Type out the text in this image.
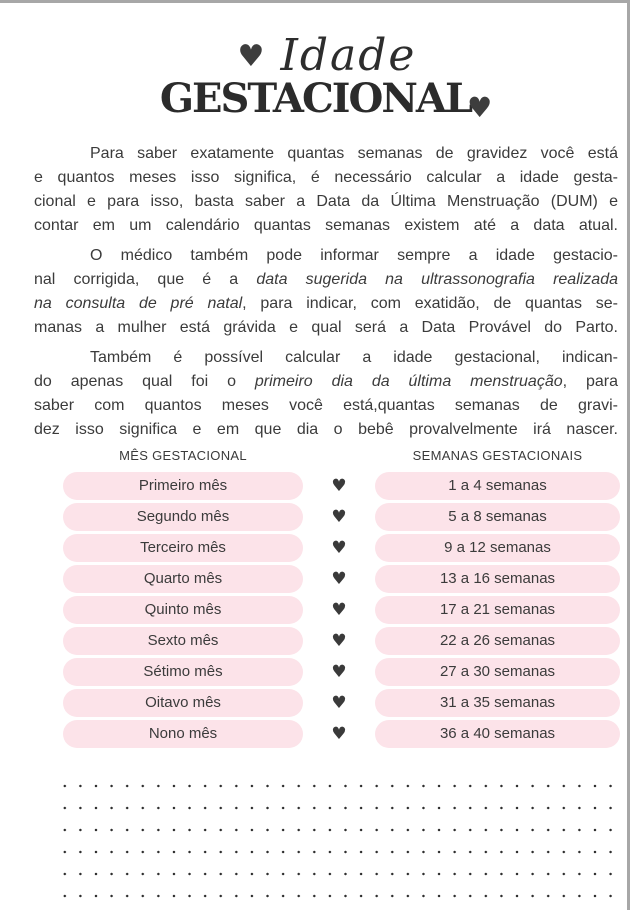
♥ Idade
GESTACIONAL♥
Para saber exatamente quantas semanas de gravidez você está
e quantos meses isso significa, é necessário calcular a idade gesta-
cional e para isso, basta saber a Data da Última Menstruação (DUM) e
contar em um calendário quantas semanas existem até a data atual.
O médico também pode informar sempre a idade gestacio-
nal corrigida, que é a data sugerida na ultrassonografia realizada
na consulta de pré natal, para indicar, com exatidão, de quantas se-
manas a mulher está grávida e qual será a Data Provável do Parto.
Também é possível calcular a idade gestacional, indican-
do apenas qual foi o primeiro dia da última menstruação, para
saber com quantos meses você está,quantas semanas de gravi-
dez isso significa e em que dia o bebê provalvelmente irá nascer.
MÊS GESTACIONAL	SEMANAS GESTACIONAIS
Primeiro mês	♥	1 a 4 semanas
Segundo mês	♥	5 a 8 semanas
Terceiro mês	♥	9 a 12 semanas
Quarto mês	♥	13 a 16 semanas
Quinto mês	♥	17 a 21 semanas
Sexto mês	♥	22 a 26 semanas
Sétimo mês	♥	27 a 30 semanas
Oitavo mês	♥	31 a 35 semanas
Nono mês	♥	36 a 40 semanas
